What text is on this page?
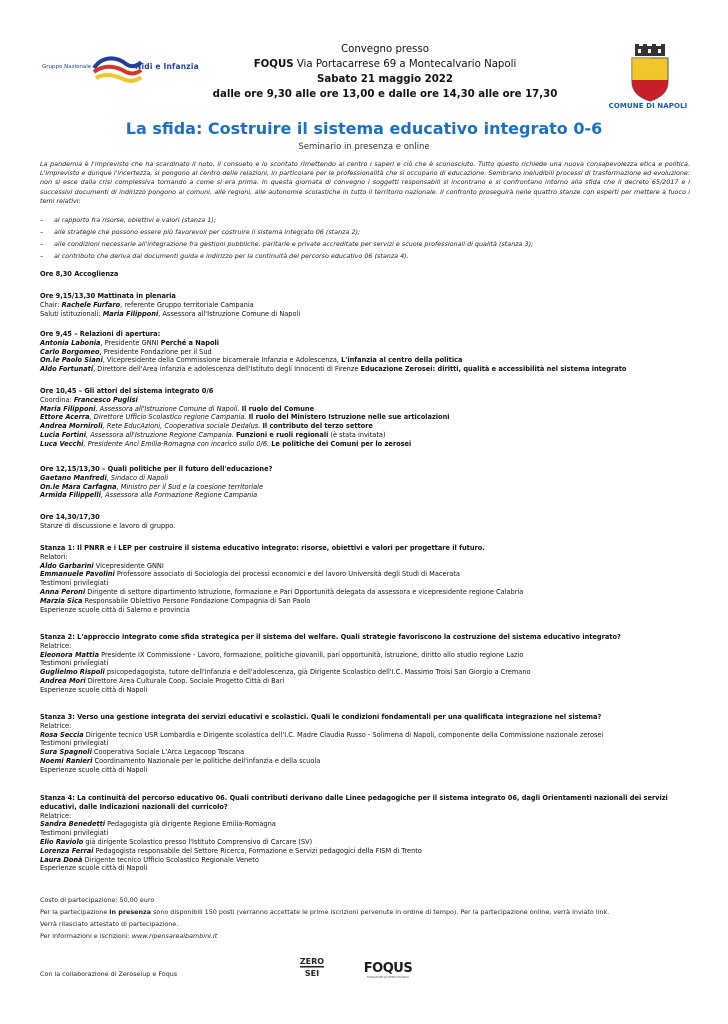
Gruppo Nazionale	Nidi e Infanzia
Convegno presso
FOQUS Via Portacarrese 69 a Montecalvario Napoli
Sabato 21 maggio 2022
dalle ore 9,30 alle ore 13,00 e dalle ore 14,30 alle ore 17,30
COMUNE DI NAPOLI
La sfida: Costruire il sistema educativo integrato 0-6
Seminario in presenza e online
La pandemia è l'imprevisto che ha scardinato il noto, il consueto e lo scontato rimettendo al centro i saperi e ciò che è sconosciuto. Tutto questo richiede una nuova consapevolezza etica e politica. L'imprevisto e dunque l'incertezza, si pongono al centro delle relazioni, in particolare per le professionalità che si occupano di educazione. Sembrano ineludibili processi di trasformazione ed evoluzione: non si esce dalla crisi complessiva tornando a come si era prima. In questa giornata di convegno i soggetti responsabili si incontrano e si confrontano intorno alla sfida che il decreto 65/2017 e i successivi documenti di indirizzo pongono ai comuni, alle regioni, alle autonomie scolastiche in tutto il territorio nazionale. Il confronto proseguirà nelle quattro stanze con esperti per mettere a fuoco i temi relativi:
– al rapporto fra risorse, obiettivi e valori (stanza 1);
– alle strategie che possono essere più favorevoli per costruire il sistema integrato 06 (stanza 2);
– alle condizioni necessarie all'integrazione fra gestioni pubbliche, paritarie e private accreditate per servizi e scuole professionali di qualità (stanza 3);
– al contributo che deriva dai documenti guida e indirizzo per la continuità del percorso educativo 06 (stanza 4).
Ore 8,30 Accoglienza
Ore 9,15/13,30 Mattinata in plenaria
Chair: Rachele Furfaro, referente Gruppo territoriale Campania
Saluti istituzionali: Maria Filipponi, Assessora all'Istruzione Comune di Napoli
Ore 9,45 – Relazioni di apertura:
Antonia Labonia, Presidente GNNI Perché a Napoli
Carlo Borgomeo, Presidente Fondazione per il Sud
On.le Paolo Siani, Vicepresidente della Commissione bicamerale Infanzia e Adolescenza, L'infanzia al centro della politica
Aldo Fortunati, Direttore dell'Area infanzia e adolescenza dell'Istituto degli Innocenti di Firenze Educazione Zerosei: diritti, qualità e accessibilità nel sistema integrato
Ore 10,45 – Gli attori del sistema integrato 0/6
Coordina: Francesco Puglisi
Maria Filipponi, Assessora all'Istruzione Comune di Napoli. Il ruolo del Comune
Ettore Acerra, Direttore Ufficio Scolastico regione Campania. Il ruolo del Ministero Istruzione nelle sue articolazioni
Andrea Morniroli, Rete EducAzioni, Cooperativa sociale Dedalus. Il contributo del terzo settore
Lucia Fortini, Assessora all'Istruzione Regione Campania. Funzioni e ruoli regionali (è stata invitata)
Luca Vecchi, Presidente Anci Emilia-Romagna con incarico sullo 0/6. Le politiche dei Comuni per lo zerosei
Ore 12,15/13,30 – Quali politiche per il futuro dell'educazione?
Gaetano Manfredi, Sindaco di Napoli
On.le Mara Carfagna, Ministro per il Sud e la coesione territoriale
Armida Filippelli, Assessora alla Formazione Regione Campania
Ore 14,30/17,30
Stanze di discussione e lavoro di gruppo.
Stanza 1: Il PNRR e i LEP per costruire il sistema educativo integrato: risorse, obiettivi e valori per progettare il futuro.
Relatori:
Aldo Garbarini Vicepresidente GNNI
Emmanuele Pavolini Professore associato di Sociologia dei processi economici e del lavoro Università degli Studi di Macerata
Testimoni privilegiati
Anna Peroni Dirigente di settore dipartimento Istruzione, formazione e Pari Opportunità delegata da assessora e vicepresidente regione Calabria
Marzia Sica Responsabile Obiettivo Persone Fondazione Compagnia di San Paolo
Esperienze scuole città di Salerno e provincia
Stanza 2: L'approccio integrato come sfida strategica per il sistema del welfare. Quali strategie favoriscono la costruzione del sistema educativo integrato?
Relatrice:
Eleonora Mattia Presidente IX Commissione - Lavoro, formazione, politiche giovanili, pari opportunità, istruzione, diritto allo studio regione Lazio
Testimoni privilegiati
Guglielmo Rispoli psicopedagogista, tutore dell'infanzia e dell'adolescenza, già Dirigente Scolastico dell'I.C. Massimo Troisi San Giorgio a Cremano
Andrea Mori Direttore Area Culturale Coop. Sociale Progetto Città di Bari
Esperienze scuole città di Napoli
Stanza 3: Verso una gestione integrata dei servizi educativi e scolastici. Quali le condizioni fondamentali per una qualificata integrazione nel sistema?
Relatrice:
Rosa Seccia Dirigente tecnico USR Lombardia e Dirigente scolastica dell'I.C. Madre Claudia Russo - Solimena di Napoli, componente della Commissione nazionale zerosei
Testimoni privilegiati
Sura Spagnoli Cooperativa Sociale L'Arca Legacoop Toscana
Noemi Ranieri Coordinamento Nazionale per le politiche dell'infanzia e della scuola
Esperienze scuole città di Napoli
Stanza 4: La continuità del percorso educativo 06. Quali contributi derivano dalle Linee pedagogiche per il sistema integrato 06, dagli Orientamenti nazionali dei servizi educativi, dalle Indicazioni nazionali del curricolo?
Relatrice:
Sandra Benedetti Pedagogista già dirigente Regione Emilia-Romagna
Testimoni privilegiati
Elio Raviolo già dirigente Scolastico presso l'Istituto Comprensivo di Carcare (SV)
Lorenza Ferrai Pedagogista responsabile del Settore Ricerca, Formazione e Servizi pedagogici della FISM di Trento
Laura Donà Dirigente tecnico Ufficio Scolastico Regionale Veneto
Esperienze scuole città di Napoli
Costo di partecipazione: 50,00 euro
Per la partecipazione in presenza sono disponibili 150 posti (verranno accettate le prime iscrizioni pervenute in ordine di tempo). Per la partecipazione online, verrà inviato link.
Verrà rilasciato attestato di partecipazione.
Per informazioni e iscrizioni: www.ripensareaibambini.it
Con la collaborazione di Zeroseiup e Foqus
ZERO
SEI	FOQUS
FONDAZIONE QUARTIERI SPAGNOLI
